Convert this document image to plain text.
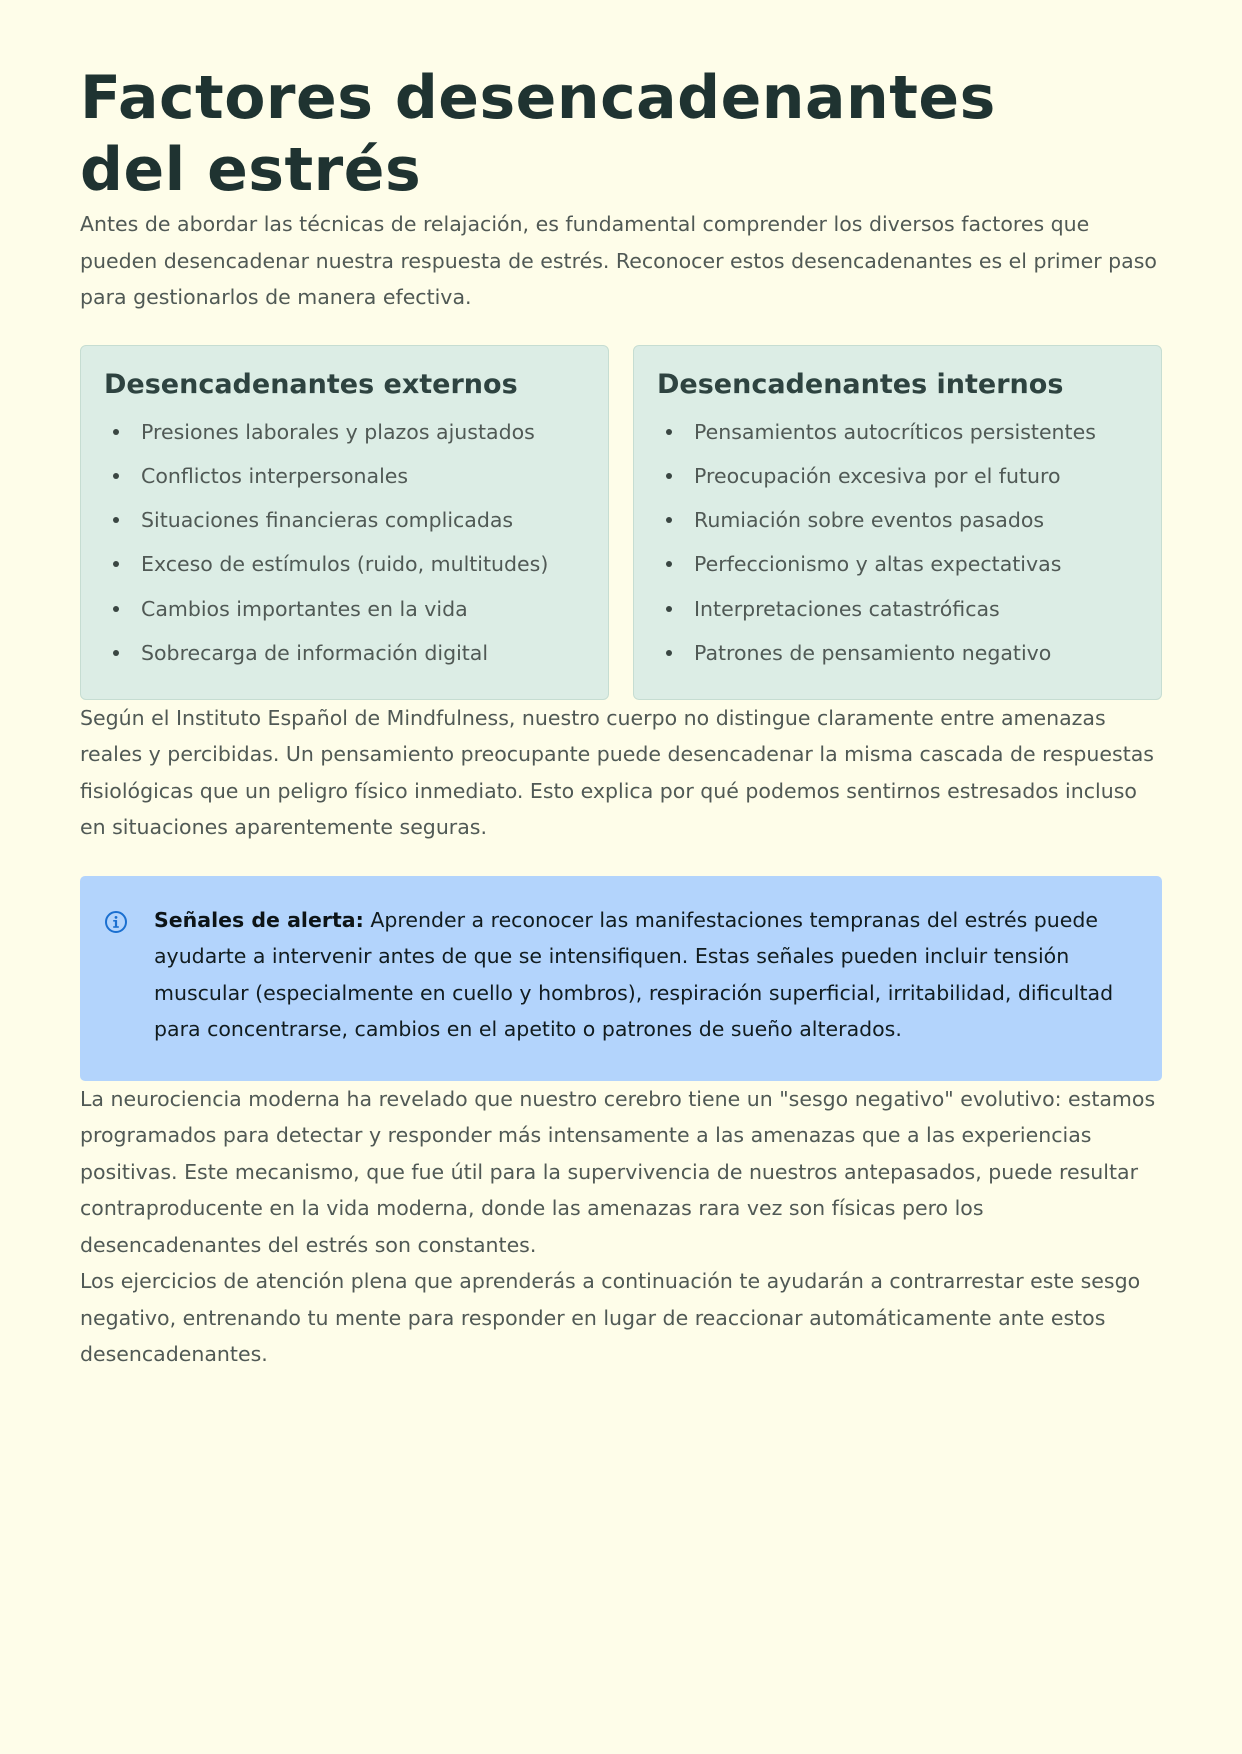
Factores desencadenantes del estrés

Antes de abordar las técnicas de relajación, es fundamental comprender los diversos factores que pueden desencadenar nuestra respuesta de estrés. Reconocer estos desencadenantes es el primer paso para gestionarlos de manera efectiva.

Desencadenantes externos
Presiones laborales y plazos ajustados
Conflictos interpersonales
Situaciones financieras complicadas
Exceso de estímulos (ruido, multitudes)
Cambios importantes en la vida
Sobrecarga de información digital
Desencadenantes internos
Pensamientos autocríticos persistentes
Preocupación excesiva por el futuro
Rumiación sobre eventos pasados
Perfeccionismo y altas expectativas
Interpretaciones catastróficas
Patrones de pensamiento negativo

Según el Instituto Español de Mindfulness, nuestro cuerpo no distingue claramente entre amenazas reales y percibidas. Un pensamiento preocupante puede desencadenar la misma cascada de respuestas fisiológicas que un peligro físico inmediato. Esto explica por qué podemos sentirnos estresados incluso en situaciones aparentemente seguras.

Señales de alerta: Aprender a reconocer las manifestaciones tempranas del estrés puede ayudarte a intervenir antes de que se intensifiquen. Estas señales pueden incluir tensión muscular (especialmente en cuello y hombros), respiración superficial, irritabilidad, dificultad para concentrarse, cambios en el apetito o patrones de sueño alterados.

La neurociencia moderna ha revelado que nuestro cerebro tiene un "sesgo negativo" evolutivo: estamos programados para detectar y responder más intensamente a las amenazas que a las experiencias positivas. Este mecanismo, que fue útil para la supervivencia de nuestros antepasados, puede resultar contraproducente en la vida moderna, donde las amenazas rara vez son físicas pero los desencadenantes del estrés son constantes.

Los ejercicios de atención plena que aprenderás a continuación te ayudarán a contrarrestar este sesgo negativo, entrenando tu mente para responder en lugar de reaccionar automáticamente ante estos desencadenantes.
